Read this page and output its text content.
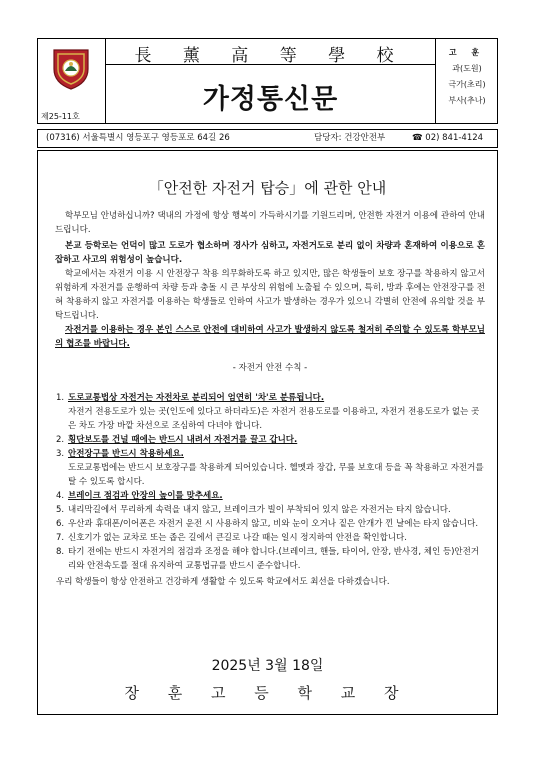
제25-11호
長 薰 高 等 學 校
가정통신문
고 훈
과(도원)
극가(초리)
부사(추나)
(07316) 서울특별시 영등포구 영등포로 64길 26	담당자: 건강안전부	☎ 02) 841-4124
「안전한 자전거 탑승」에 관한 안내
학부모님 안녕하십니까? 댁내의 가정에 항상 행복이 가득하시기를 기원드리며, 안전한 자전거 이용에 관하여 안내드립니다.
본교 등학로는 언덕이 많고 도로가 협소하며 경사가 심하고, 자전거도로 분리 없이 차량과 혼재하여 이용으로 혼잡하고 사고의 위험성이 높습니다.
학교에서는 자전거 이용 시 안전장구 착용 의무화하도록 하고 있지만, 많은 학생들이 보호 장구를 착용하지 않고서 위험하게 자전거를 운행하여 차량 등과 충돌 시 큰 부상의 위험에 노출될 수 있으며, 특히, 방과 후에는 안전장구를 전혀 착용하지 않고 자전거를 이용하는 학생들로 인하여 사고가 발생하는 경우가 있으니 각별히 안전에 유의할 것을 부탁드립니다.
자전거를 이용하는 경우 본인 스스로 안전에 대비하여 사고가 발생하지 않도록 철저히 주의할 수 있도록 학부모님의 협조를 바랍니다.
- 자전거 안전 수칙 -
1. 도로교통법상 자전거는 자전차로 분리되어 엄연히 '차'로 분류됩니다.
자전거 전용도로가 있는 곳(인도에 있다고 하더라도)은 자전거 전용도로를 이용하고, 자전거 전용도로가 없는 곳은 차도 가장 바깥 차선으로 조심하여 다녀야 합니다.
2. 횡단보도를 건널 때에는 반드시 내려서 자전거를 끌고 갑니다.
3. 안전장구를 반드시 착용하세요.
도로교통법에는 반드시 보호장구를 착용하게 되어있습니다. 헬멧과 장갑, 무릎 보호대 등을 꼭 착용하고 자전거를 탈 수 있도록 합시다.
4. 브레이크 점검과 안장의 높이를 맞추세요.
5. 내리막길에서 무리하게 속력을 내지 않고, 브레이크가 빌이 부착되어 있지 않은 자전거는 타지 않습니다.
6. 우산과 휴대폰/이어폰은 자전거 운전 시 사용하지 않고, 비와 눈이 오거나 짙은 안개가 낀 날에는 타지 않습니다.
7. 신호기가 없는 교차로 또는 좁은 길에서 큰길로 나갈 때는 일시 정지하여 안전을 확인합니다.
8. 타기 전에는 반드시 자전거의 점검과 조정을 해야 합니다.(브레이크, 핸들, 타이어, 안장, 반사경, 체인 등)안전거리와 안전속도를 절대 유지하여 교통법규를 반드시 준수합니다.
우리 학생들이 항상 안전하고 건강하게 생활할 수 있도록 학교에서도 최선을 다하겠습니다.
2025년 3월 18일
장 훈 고 등 학 교 장
